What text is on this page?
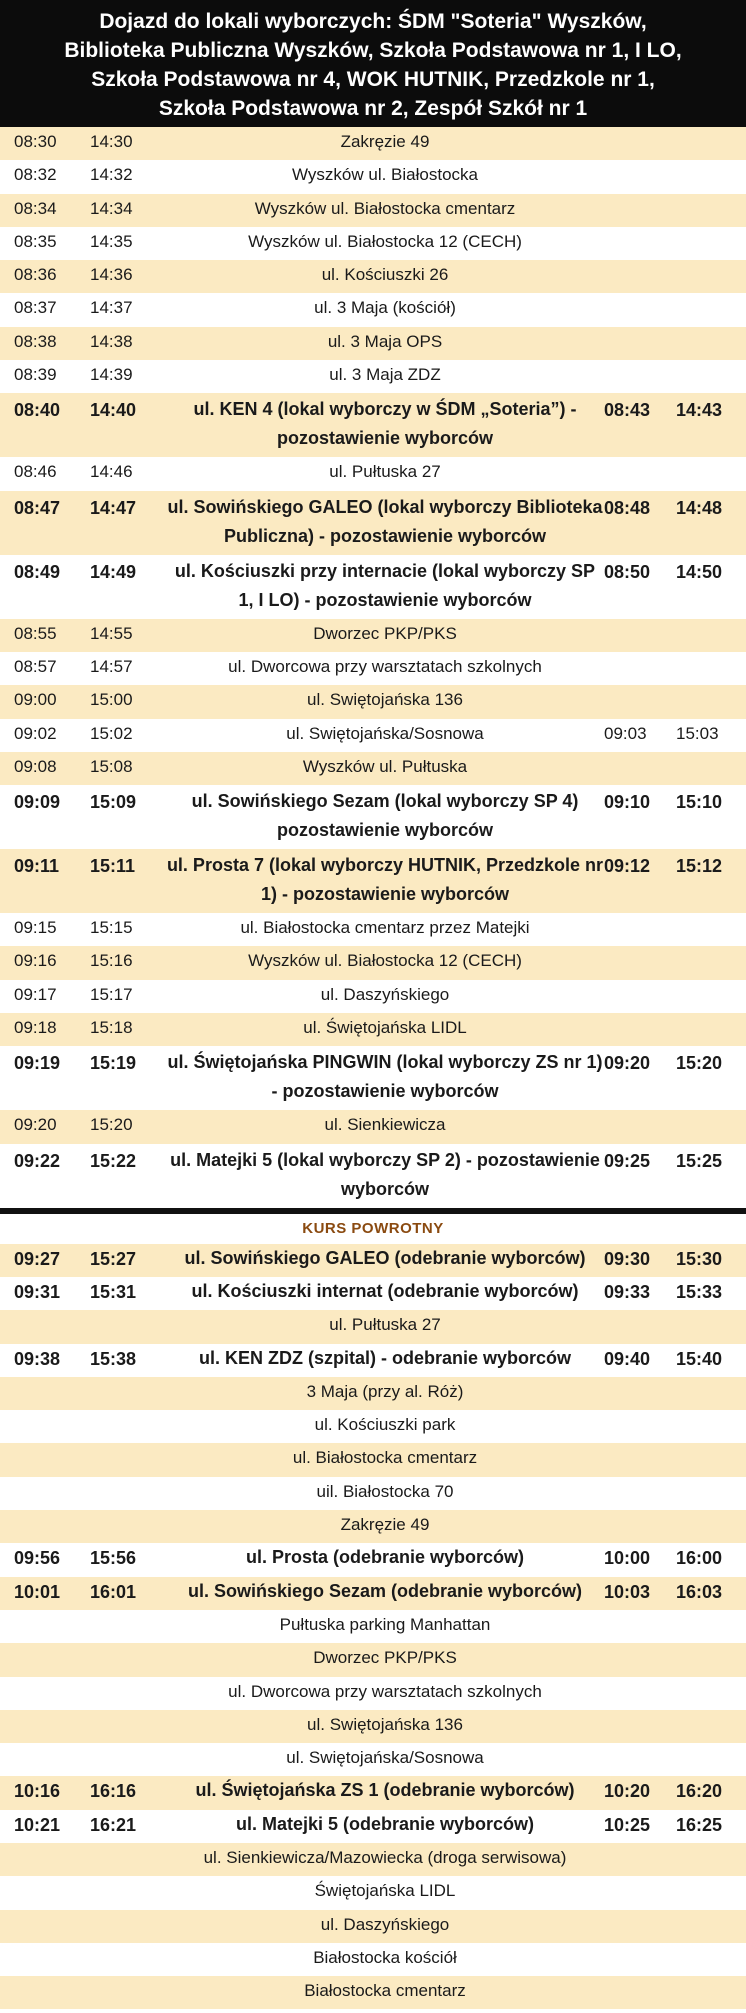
Dojazd do lokali wyborczych: ŚDM "Soteria" Wyszków,
Biblioteka Publiczna Wyszków, Szkoła Podstawowa nr 1, I LO,
Szkoła Podstawowa nr 4, WOK HUTNIK, Przedzkole nr 1,
Szkoła Podstawowa nr 2, Zespół Szkół nr 1
08:30	14:30	Zakręzie 49		
08:32	14:32	Wyszków ul. Białostocka		
08:34	14:34	Wyszków ul. Białostocka cmentarz		
08:35	14:35	Wyszków ul. Białostocka 12 (CECH)		
08:36	14:36	ul. Kościuszki 26		
08:37	14:37	ul. 3 Maja (kościół)		
08:38	14:38	ul. 3 Maja OPS		
08:39	14:39	ul. 3 Maja ZDZ		
08:40	14:40	ul. KEN 4 (lokal wyborczy w ŚDM „Soteria”) - pozostawienie wyborców	08:43	14:43
08:46	14:46	ul. Pułtuska 27		
08:47	14:47	ul. Sowińskiego GALEO (lokal wyborczy Biblioteka Publiczna) - pozostawienie wyborców	08:48	14:48
08:49	14:49	ul. Kościuszki przy internacie (lokal wyborczy SP 1, I LO) - pozostawienie wyborców	08:50	14:50
08:55	14:55	Dworzec PKP/PKS		
08:57	14:57	ul. Dworcowa przy warsztatach szkolnych		
09:00	15:00	ul. Swiętojańska 136		
09:02	15:02	ul. Swiętojańska/Sosnowa	09:03	15:03
09:08	15:08	Wyszków ul. Pułtuska		
09:09	15:09	ul. Sowińskiego Sezam (lokal wyborczy SP 4) pozostawienie wyborców	09:10	15:10
09:11	15:11	ul. Prosta 7 (lokal wyborczy HUTNIK, Przedzkole nr 1) - pozostawienie wyborców	09:12	15:12
09:15	15:15	ul. Białostocka cmentarz przez Matejki		
09:16	15:16	Wyszków ul. Białostocka 12 (CECH)		
09:17	15:17	ul. Daszyńskiego		
09:18	15:18	ul. Świętojańska LIDL		
09:19	15:19	ul. Świętojańska PINGWIN (lokal wyborczy ZS nr 1) - pozostawienie wyborców	09:20	15:20
09:20	15:20	ul. Sienkiewicza		
09:22	15:22	ul. Matejki 5 (lokal wyborczy SP 2) - pozostawienie wyborców	09:25	15:25

KURS POWROTNY				
09:27	15:27	ul. Sowińskiego GALEO (odebranie wyborców)	09:30	15:30
09:31	15:31	ul. Kościuszki internat (odebranie wyborców)	09:33	15:33
		ul. Pułtuska 27		
09:38	15:38	ul. KEN ZDZ (szpital) - odebranie wyborców	09:40	15:40
		3 Maja (przy al. Róż)		
		ul. Kościuszki park		
		ul. Białostocka cmentarz		
		uil. Białostocka 70		
		Zakręzie 49		
09:56	15:56	ul. Prosta (odebranie wyborców)	10:00	16:00
10:01	16:01	ul. Sowińskiego Sezam (odebranie wyborców)	10:03	16:03
		Pułtuska parking Manhattan		
		Dworzec PKP/PKS		
		ul. Dworcowa przy warsztatach szkolnych		
		ul. Swiętojańska 136		
		ul. Swiętojańska/Sosnowa		
10:16	16:16	ul. Świętojańska ZS 1 (odebranie wyborców)	10:20	16:20
10:21	16:21	ul. Matejki 5 (odebranie wyborców)	10:25	16:25
		ul. Sienkiewicza/Mazowiecka (droga serwisowa)		
		Świętojańska LIDL		
		ul. Daszyńskiego		
		Białostocka kościół		
		Białostocka cmentarz		
